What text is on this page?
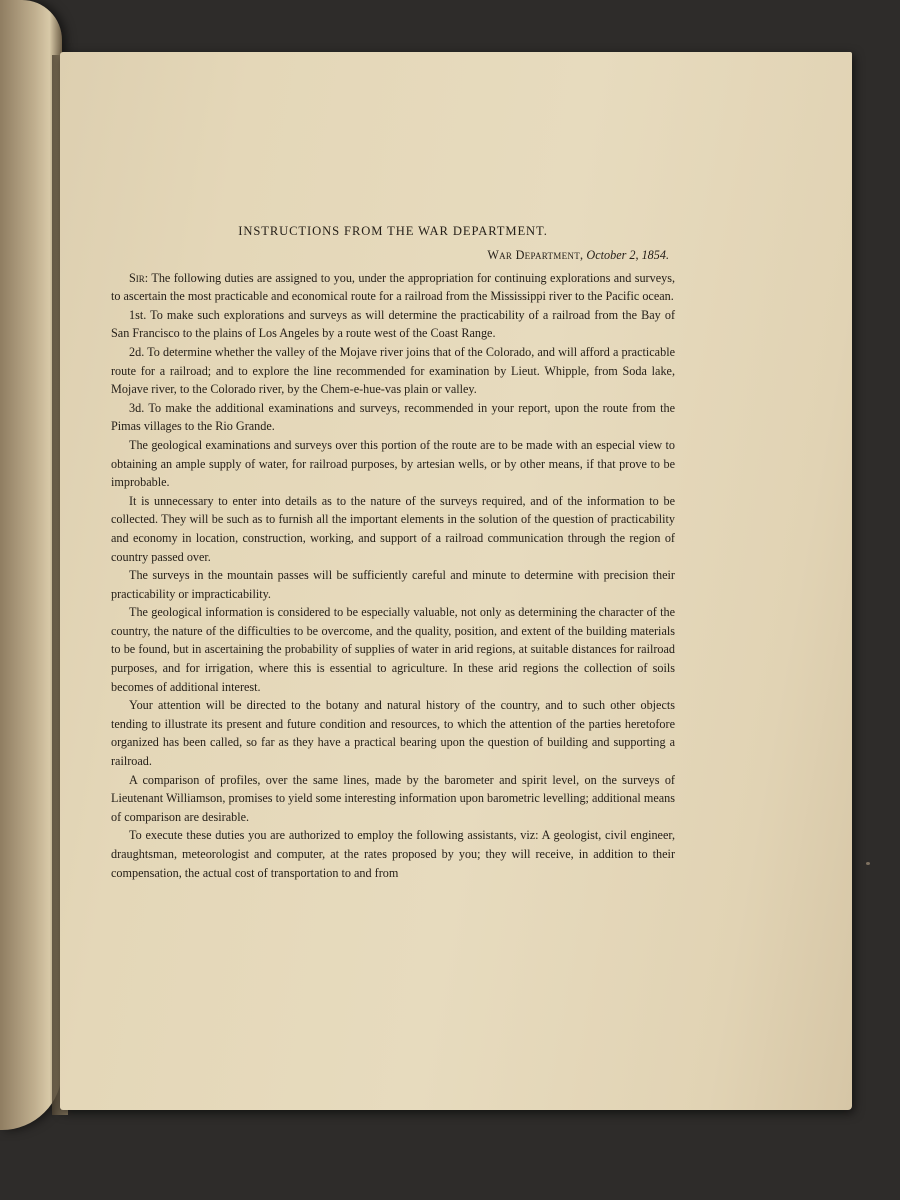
INSTRUCTIONS FROM THE WAR DEPARTMENT.

War Department, October 2, 1854.

Sir: The following duties are assigned to you, under the appropriation for continuing explorations and surveys, to ascertain the most practicable and economical route for a railroad from the Mississippi river to the Pacific ocean.

1st. To make such explorations and surveys as will determine the practicability of a railroad from the Bay of San Francisco to the plains of Los Angeles by a route west of the Coast Range.

2d. To determine whether the valley of the Mojave river joins that of the Colorado, and will afford a practicable route for a railroad; and to explore the line recommended for examination by Lieut. Whipple, from Soda lake, Mojave river, to the Colorado river, by the Chem-e-hue-vas plain or valley.

3d. To make the additional examinations and surveys, recommended in your report, upon the route from the Pimas villages to the Rio Grande.

The geological examinations and surveys over this portion of the route are to be made with an especial view to obtaining an ample supply of water, for railroad purposes, by artesian wells, or by other means, if that prove to be improbable.

It is unnecessary to enter into details as to the nature of the surveys required, and of the information to be collected. They will be such as to furnish all the important elements in the solution of the question of practicability and economy in location, construction, working, and support of a railroad communication through the region of country passed over.

The surveys in the mountain passes will be sufficiently careful and minute to determine with precision their practicability or impracticability.

The geological information is considered to be especially valuable, not only as determining the character of the country, the nature of the difficulties to be overcome, and the quality, position, and extent of the building materials to be found, but in ascertaining the probability of supplies of water in arid regions, at suitable distances for railroad purposes, and for irrigation, where this is essential to agriculture. In these arid regions the collection of soils becomes of additional interest.

Your attention will be directed to the botany and natural history of the country, and to such other objects tending to illustrate its present and future condition and resources, to which the attention of the parties heretofore organized has been called, so far as they have a practical bearing upon the question of building and supporting a railroad.

A comparison of profiles, over the same lines, made by the barometer and spirit level, on the surveys of Lieutenant Williamson, promises to yield some interesting information upon barometric levelling; additional means of comparison are desirable.

To execute these duties you are authorized to employ the following assistants, viz: A geologist, civil engineer, draughtsman, meteorologist and computer, at the rates proposed by you; they will receive, in addition to their compensation, the actual cost of transportation to and from
